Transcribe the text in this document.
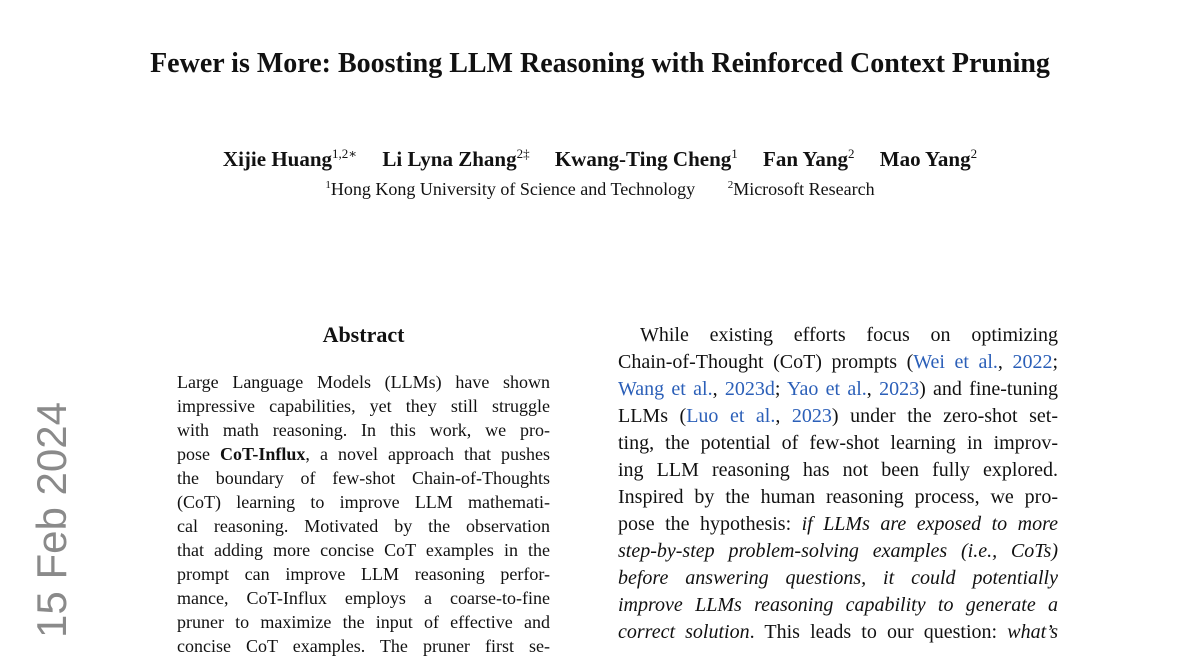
Fewer is More: Boosting LLM Reasoning with Reinforced Context Pruning
Xijie Huang$^{1,2∗}$ Li Lyna Zhang$^{2\ddagger}$ Kwang-Ting Cheng$^1$ Fan Yang$^2$ Mao Yang$^2$
$^1$Hong Kong University of Science and Technology	$^2$Microsoft Research
15 Feb 2024
Abstract
Large Language Models (LLMs) have shown
impressive capabilities, yet they still struggle
with math reasoning. In this work, we pro-
pose CoT-Influx, a novel approach that pushes
the boundary of few-shot Chain-of-Thoughts
(CoT) learning to improve LLM mathemati-
cal reasoning. Motivated by the observation
that adding more concise CoT examples in the
prompt can improve LLM reasoning perfor-
mance, CoT-Influx employs a coarse-to-fine
pruner to maximize the input of effective and
concise CoT examples. The pruner first se-
While existing efforts focus on optimizing
Chain-of-Thought (CoT) prompts (Wei et al., 2022;
Wang et al., 2023d; Yao et al., 2023) and fine-tuning
LLMs (Luo et al., 2023) under the zero-shot set-
ting, the potential of few-shot learning in improv-
ing LLM reasoning has not been fully explored.
Inspired by the human reasoning process, we pro-
pose the hypothesis: if LLMs are exposed to more
step-by-step problem-solving examples (i.e., CoTs)
before answering questions, it could potentially
improve LLMs reasoning capability to generate a
correct solution. This leads to our question: what’s
